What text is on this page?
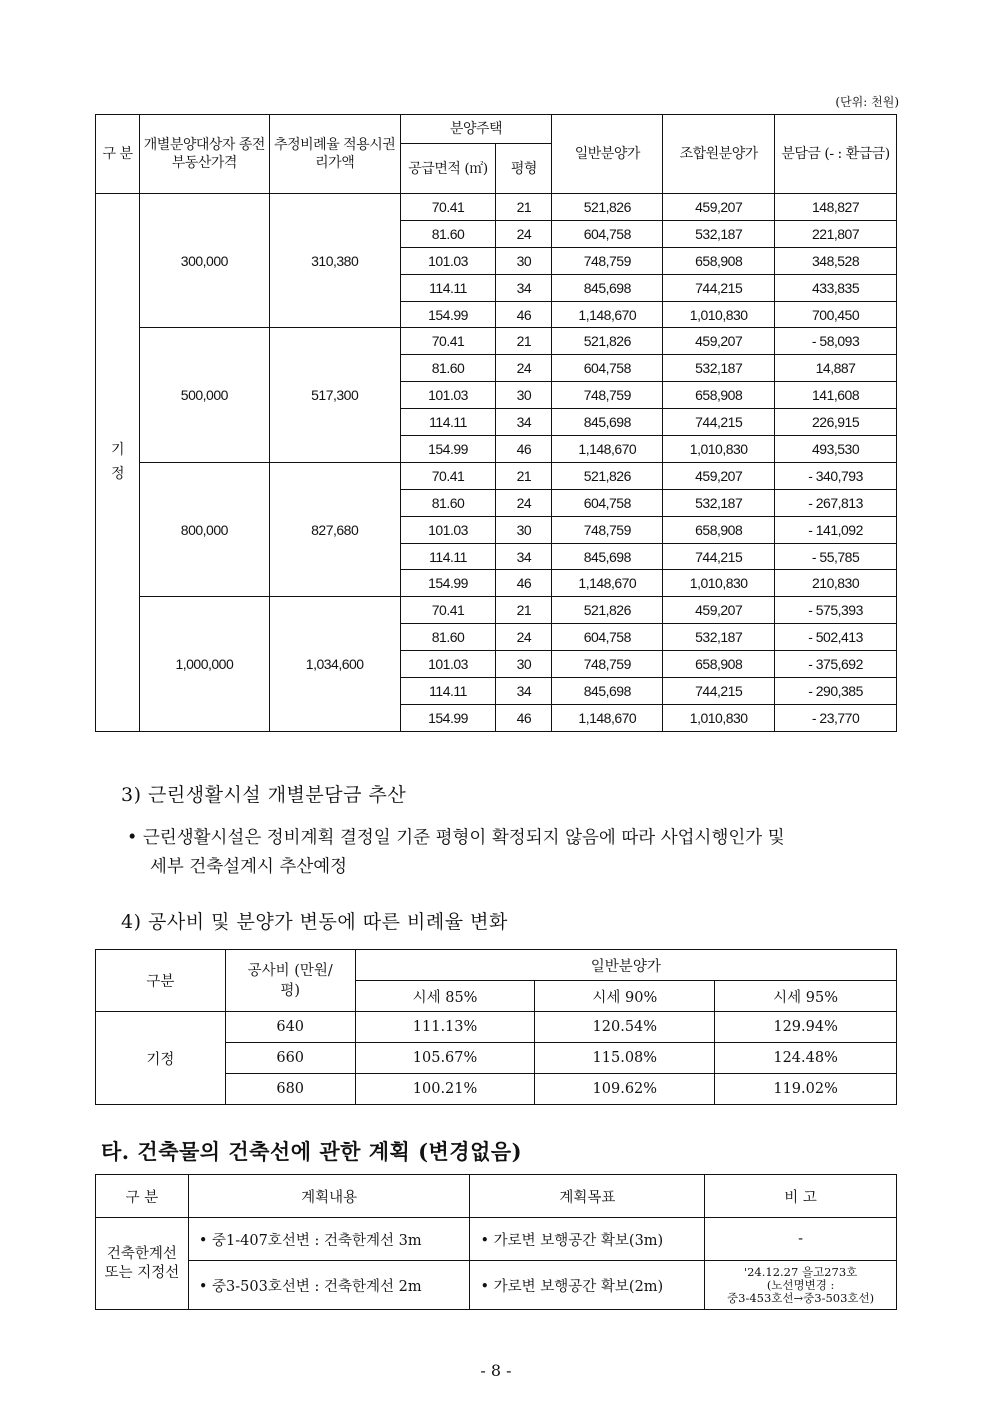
(단위: 천원)
구 분	개별분양대상자 종전부동산가격	추정비례율 적용시권리가액	분양주택		일반분양가	조합원분양가	분담금 (- : 환급금)
			공급면적 (㎡)	평형			
기 정	300,000	310,380	70.41	21	521,826	459,207	148,827
			81.60	24	604,758	532,187	221,807
			101.03	30	748,759	658,908	348,528
			114.11	34	845,698	744,215	433,835
			154.99	46	1,148,670	1,010,830	700,450
	500,000	517,300	70.41	21	521,826	459,207	- 58,093
			81.60	24	604,758	532,187	14,887
			101.03	30	748,759	658,908	141,608
			114.11	34	845,698	744,215	226,915
			154.99	46	1,148,670	1,010,830	493,530
	800,000	827,680	70.41	21	521,826	459,207	- 340,793
			81.60	24	604,758	532,187	- 267,813
			101.03	30	748,759	658,908	- 141,092
			114.11	34	845,698	744,215	- 55,785
			154.99	46	1,148,670	1,010,830	210,830
	1,000,000	1,034,600	70.41	21	521,826	459,207	- 575,393
			81.60	24	604,758	532,187	- 502,413
			101.03	30	748,759	658,908	- 375,692
			114.11	34	845,698	744,215	- 290,385
			154.99	46	1,148,670	1,010,830	- 23,770
3) 근린생활시설 개별분담금 추산
• 근린생활시설은 정비계획 결정일 기준 평형이 확정되지 않음에 따라 사업시행인가 및
세부 건축설계시 추산예정
4) 공사비 및 분양가 변동에 따른 비례율 변화
구분	공사비 (만원/평)	일반분양가		
		시세 85%	시세 90%	시세 95%
기정	640	111.13%	120.54%	129.94%
	660	105.67%	115.08%	124.48%
	680	100.21%	109.62%	119.02%
타. 건축물의 건축선에 관한 계획 (변경없음)
구 분	계획내용	계획목표	비 고
건축한계선 또는 지정선	• 중1-407호선변 : 건축한계선 3m	• 가로변 보행공간 확보(3m)	-
	• 중3-503호선변 : 건축한계선 2m	• 가로변 보행공간 확보(2m)	'24.12.27 을고273호
(노선명변경 :
중3-453호선→중3-503호선)
- 8 -
